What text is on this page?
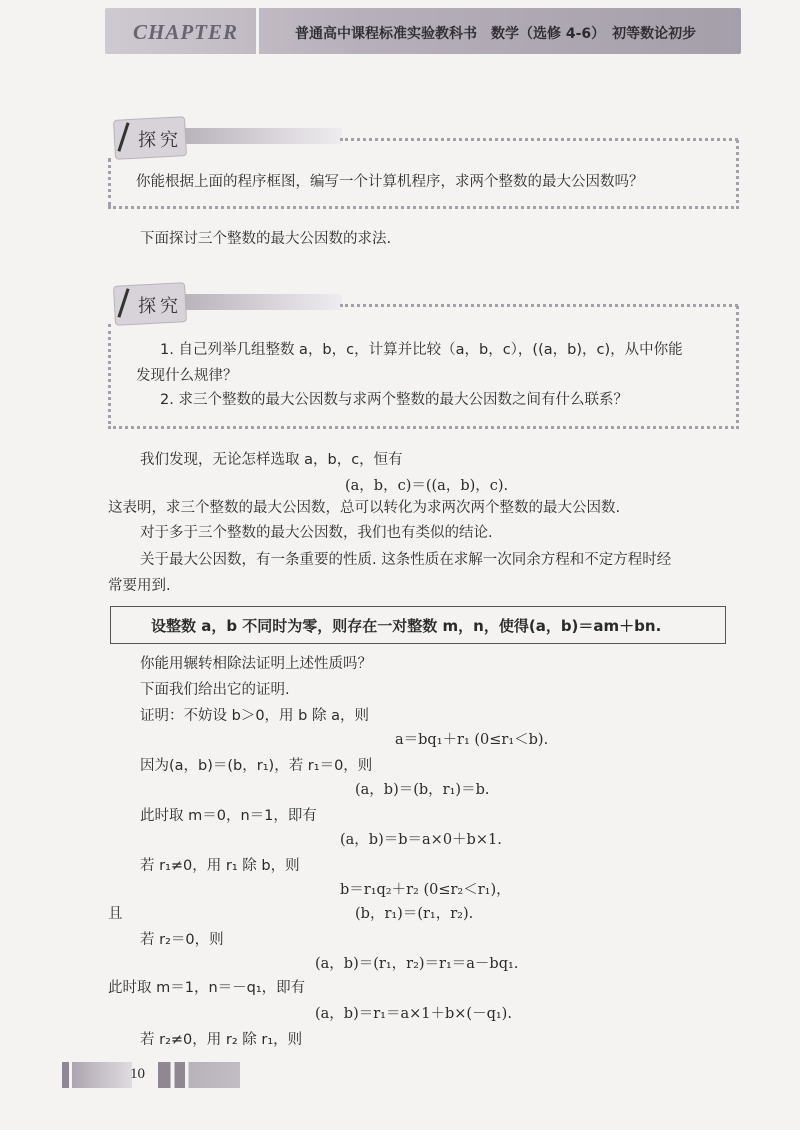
CHAPTER	普通高中课程标准实验教科书　数学（选修 4-6）　初等数论初步
探究
你能根据上面的程序框图，编写一个计算机程序，求两个整数的最大公因数吗？
下面探讨三个整数的最大公因数的求法.
探究
1. 自己列举几组整数 a，b，c，计算并比较（a，b，c），((a，b)，c)，从中你能
发现什么规律？
2. 求三个整数的最大公因数与求两个整数的最大公因数之间有什么联系？
我们发现，无论怎样选取 a，b，c，恒有
(a，b，c)＝((a，b)，c).
这表明，求三个整数的最大公因数，总可以转化为求两次两个整数的最大公因数.
对于多于三个整数的最大公因数，我们也有类似的结论.
关于最大公因数，有一条重要的性质. 这条性质在求解一次同余方程和不定方程时经
常要用到.
设整数 a，b 不同时为零，则存在一对整数 m，n，使得(a，b)＝am＋bn.
你能用辗转相除法证明上述性质吗？
下面我们给出它的证明.
证明：不妨设 b＞0，用 b 除 a，则
a＝bq₁＋r₁ (0≤r₁＜b).
因为(a，b)＝(b，r₁)，若 r₁＝0，则
(a，b)＝(b，r₁)＝b.
此时取 m＝0，n＝1，即有
(a，b)＝b＝a×0＋b×1.
若 r₁≠0，用 r₁ 除 b，则
b＝r₁q₂＋r₂ (0≤r₂＜r₁)，
且	(b，r₁)＝(r₁，r₂).
若 r₂＝0，则
(a，b)＝(r₁，r₂)＝r₁＝a－bq₁.
此时取 m＝1，n＝－q₁，即有
(a，b)＝r₁＝a×1＋b×(－q₁).
若 r₂≠0，用 r₂ 除 r₁，则
10
